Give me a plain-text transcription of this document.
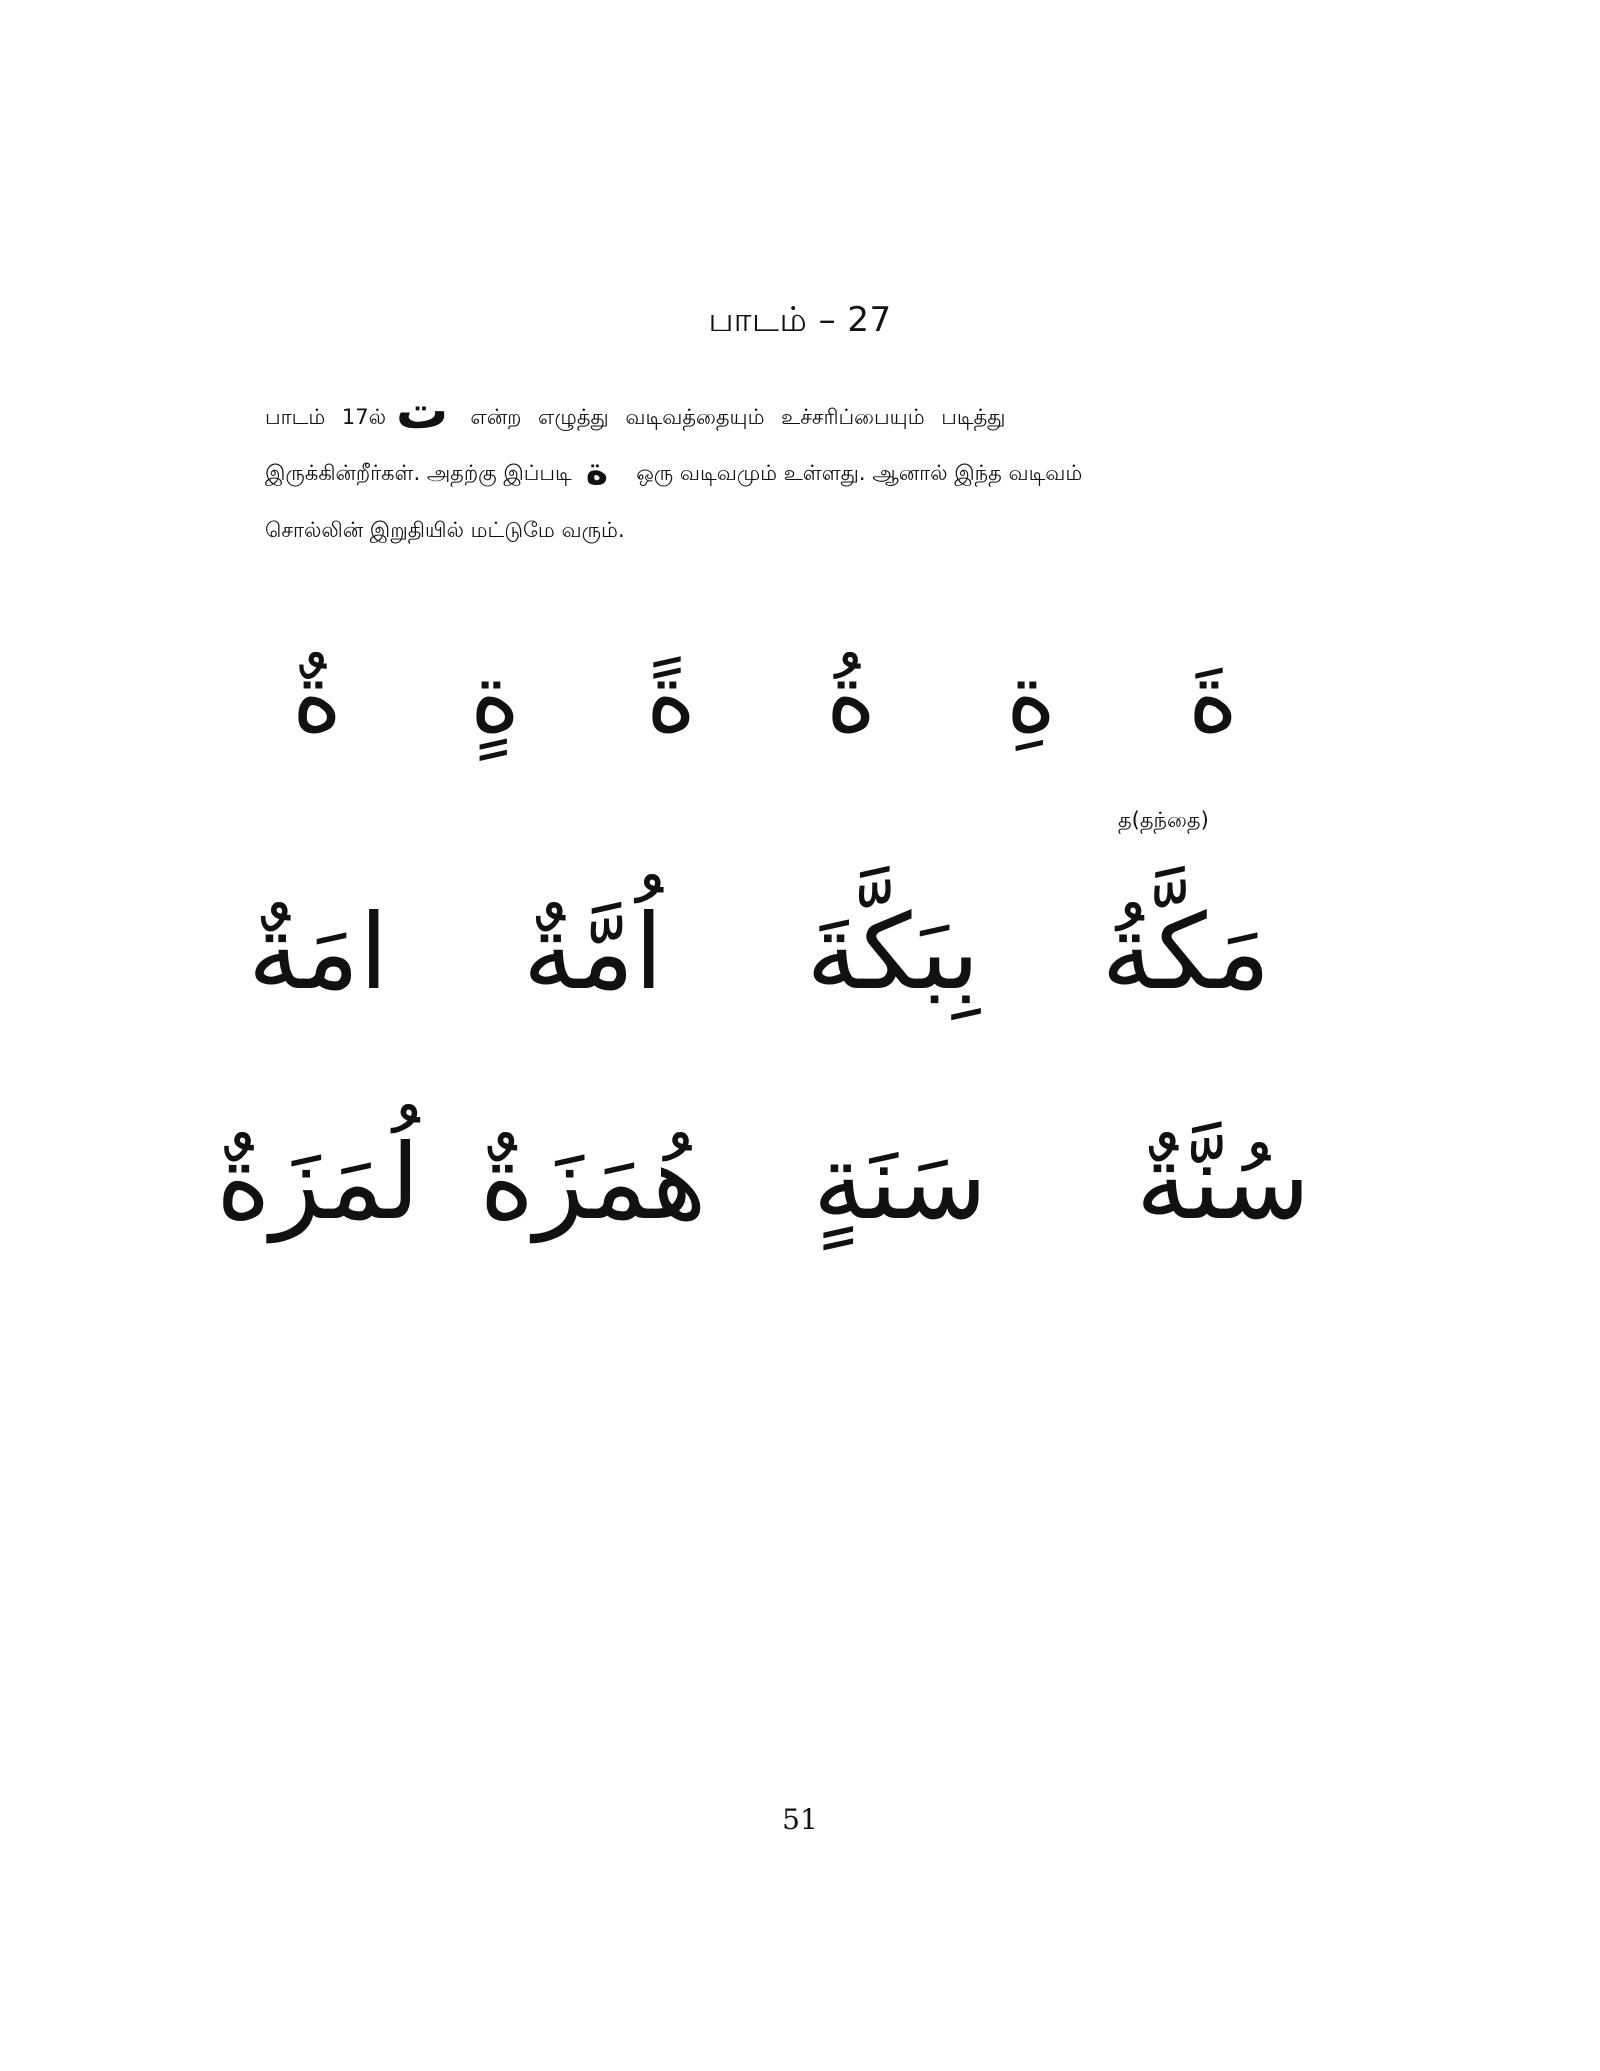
பாடம் – 27
பாடம் 17ல் ت என்ற எழுத்து வடிவத்தையும் உச்சரிப்பையும் படித்து
இருக்கின்றீர்கள். அதற்கு இப்படி ة ஒரு வடிவமும் உள்ளது. ஆனால் இந்த வடிவம்
சொல்லின் இறுதியில் மட்டுமே வரும்.
ةَ
ةِ
ةُ
ةً
ةٍ
ةٌ
த(தந்தை)
مَكَّةُ
بِبَكَّةَ
اُمَّةٌ
امَةٌ
سُنَّةٌ
سَنَةٍ
هُمَزَةٌ
لُمَزَةٌ
51
